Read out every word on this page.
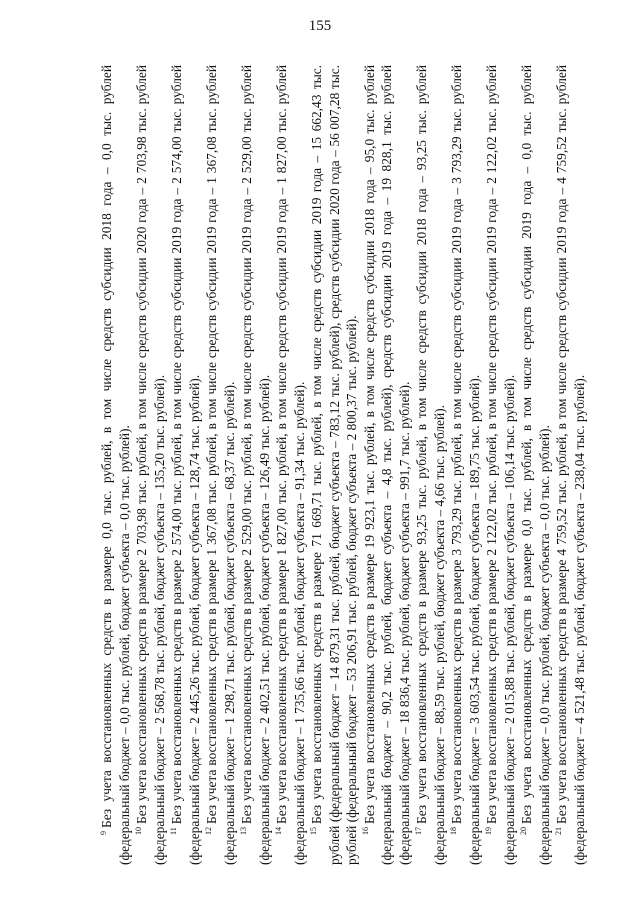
155

$^9$Без учета восстановленных средств в размере 0,0 тыс. рублей, в том числе средств субсидии 2018 года – 0,0 тыс. рублей (федеральный бюджет – 0,0 тыс. рублей, бюджет субъекта – 0,0 тыс. рублей). $^{10}$Без учета восстановленных средств в размере 2 703,98 тыс. рублей, в том числе средств субсидии 2020 года – 2 703,98 тыс. рублей (федеральный бюджет – 2 568,78 тыс. рублей, бюджет субъекта – 135,20 тыс. рублей). $^{11}$Без учета восстановленных средств в размере 2 574,00 тыс. рублей, в том числе средств субсидии 2019 года – 2 574,00 тыс. рублей (федеральный бюджет – 2 445,26 тыс. рублей, бюджет субъекта – 128,74 тыс. рублей). $^{12}$Без учета восстановленных средств в размере 1 367,08 тыс. рублей, в том числе средств субсидии 2019 года – 1 367,08 тыс. рублей (федеральный бюджет – 1 298,71 тыс. рублей, бюджет субъекта – 68,37 тыс. рублей). $^{13}$Без учета восстановленных средств в размере 2 529,00 тыс. рублей, в том числе средств субсидии 2019 года – 2 529,00 тыс. рублей (федеральный бюджет – 2 402,51 тыс. рублей, бюджет субъекта – 126,49 тыс. рублей). $^{14}$Без учета восстановленных средств в размере 1 827,00 тыс. рублей, в том числе средств субсидии 2019 года – 1 827,00 тыс. рублей (федеральный бюджет – 1 735,66 тыс. рублей, бюджет субъекта – 91,34 тыс. рублей). $^{15}$Без учета восстановленных средств в размере 71 669,71 тыс. рублей, в том числе средств субсидии 2019 года – 15 662,43 тыс. рублей (федеральный бюджет – 14 879,31 тыс. рублей, бюджет субъекта – 783,12 тыс. рублей), средств субсидии 2020 года – 56 007,28 тыс. рублей (федеральный бюджет – 53 206,91 тыс. рублей, бюджет субъекта – 2 800,37 тыс. рублей). $^{16}$Без учета восстановленных средств в размере 19 923,1 тыс. рублей, в том числе средств субсидии 2018 года – 95,0 тыс. рублей (федеральный бюджет – 90,2 тыс. рублей, бюджет субъекта – 4,8 тыс. рублей), средств субсидии 2019 года – 19 828,1 тыс. рублей (федеральный бюджет – 18 836,4 тыс. рублей, бюджет субъекта – 991,7 тыс. рублей). $^{17}$Без учета восстановленных средств в размере 93,25 тыс. рублей, в том числе средств субсидии 2018 года – 93,25 тыс. рублей (федеральный бюджет – 88,59 тыс. рублей, бюджет субъекта – 4,66 тыс. рублей). $^{18}$Без учета восстановленных средств в размере 3 793,29 тыс. рублей, в том числе средств субсидии 2019 года – 3 793,29 тыс. рублей (федеральный бюджет – 3 603,54 тыс. рублей, бюджет субъекта – 189,75 тыс. рублей). $^{19}$Без учета восстановленных средств в размере 2 122,02 тыс. рублей, в том числе средств субсидии 2019 года – 2 122,02 тыс. рублей (федеральный бюджет – 2 015,88 тыс. рублей, бюджет субъекта – 106,14 тыс. рублей). $^{20}$Без учета восстановленных средств в размере 0,0 тыс. рублей, в том числе средств субсидии 2019 года – 0,0 тыс. рублей (федеральный бюджет – 0,0 тыс. рублей, бюджет субъекта – 0,0 тыс. рублей). $^{21}$Без учета восстановленных средств в размере 4 759,52 тыс. рублей, в том числе средств субсидии 2019 года – 4 759,52 тыс. рублей (федеральный бюджет – 4 521,48 тыс. рублей, бюджет субъекта – 238,04 тыс. рублей).
